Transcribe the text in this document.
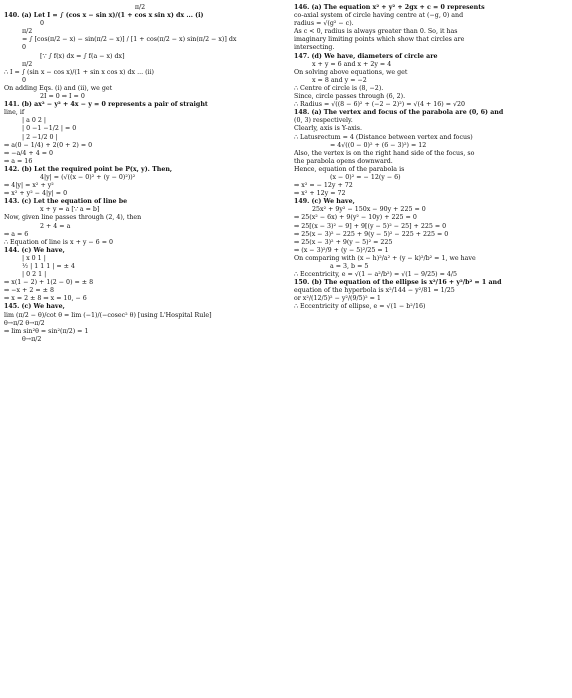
π/2
140. (a) Let I = ∫ (cos x − sin x)/(1 + cos x sin x) dx ... (i)
0
π/2
= ∫ [cos(π/2 − x) − sin(π/2 − x)] / [1 + cos(π/2 − x) sin(π/2 − x)] dx
0
[∵ ∫ f(x) dx = ∫ f(a − x) dx]
π/2
∴ I = ∫ (sin x − cos x)/(1 + sin x cos x) dx ... (ii)
0
On adding Eqs. (i) and (ii), we get
2I = 0 ⇒ I = 0
141. (b) ax² − y² + 4x − y = 0 represents a pair of straight
line, if
| a 0 2 |
| 0 −1 −1/2 | = 0
| 2 −1/2 0 |
⇒ a(0 − 1/4) + 2(0 + 2) = 0
⇒ −a/4 + 4 = 0
⇒ a = 16
142. (b) Let the required point be P(x, y). Then,
4|y| = (√((x − 0)² + (y − 0)²))²
⇒ 4|y| = x² + y²
⇒ x² + y² − 4|y| = 0
143. (c) Let the equation of line be
x + y = a [∵ a = b]
Now, given line passes through (2, 4), then
2 + 4 = a
⇒ a = 6
∴ Equation of line is x + y − 6 = 0
144. (c) We have,
| x 0 1 |
½ | 1 1 1 | = ± 4
| 0 2 1 |
⇒ x(1 − 2) + 1(2 − 0) = ± 8
⇒ −x + 2 = ± 8
⇒ x = 2 ± 8 ⇒ x = 10, − 6
145. (c) We have,
lim (π/2 − θ)/cot θ = lim (−1)/(−cosec² θ) [using L'Hospital Rule]
θ→π/2 θ→π/2
⇒ lim sin²θ = sin²(π/2) = 1
θ→π/2
146. (a) The equation x² + y² + 2gx + c = 0 represents
co-axial system of circle having centre at (−g, 0) and
radius = √(g² − c).
As c < 0, radius is always greater than 0. So, it has
imaginary limiting points which show that circles are
intersecting.
147. (d) We have, diameters of circle are
x + y = 6 and x + 2y = 4
On solving above equations, we get
x = 8 and y = −2
∴ Centre of circle is (8, −2).
Since, circle passes through (6, 2).
∴ Radius = √((8 − 6)² + (−2 − 2)²) = √(4 + 16) = √20
148. (a) The vertex and focus of the parabola are (0, 6) and
(0, 3) respectively.
Clearly, axis is Y-axis.
∴ Latusrectum = 4 (Distance between vertex and focus)
= 4√((0 − 0)² + (6 − 3)²) = 12
Also, the vertex is on the right hand side of the focus, so
the parabola opens downward.
Hence, equation of the parabola is
(x − 0)² = − 12(y − 6)
⇒ x² = − 12y + 72
⇒ x² + 12y = 72
149. (c) We have,
25x² + 9y² − 150x − 90y + 225 = 0
⇒ 25(x² − 6x) + 9(y² − 10y) + 225 = 0
⇒ 25[(x − 3)² − 9] + 9[(y − 5)² − 25] + 225 = 0
⇒ 25(x − 3)² − 225 + 9(y − 5)² − 225 + 225 = 0
⇒ 25(x − 3)² + 9(y − 5)² = 225
⇒ (x − 3)²/9 + (y − 5)²/25 = 1
On comparing with (x − h)²/a² + (y − k)²/b² = 1, we have
a = 3, b = 5
∴ Eccentricity, e = √(1 − a²/b²) = √(1 − 9/25) = 4/5
150. (b) The equation of the ellipse is x²/16 + y²/b² = 1 and
equation of the hyperbola is x²/144 − y²/81 = 1/25
or x²/(12/5)² − y²/(9/5)² = 1
∴ Eccentricity of ellipse, e = √(1 − b²/16)
